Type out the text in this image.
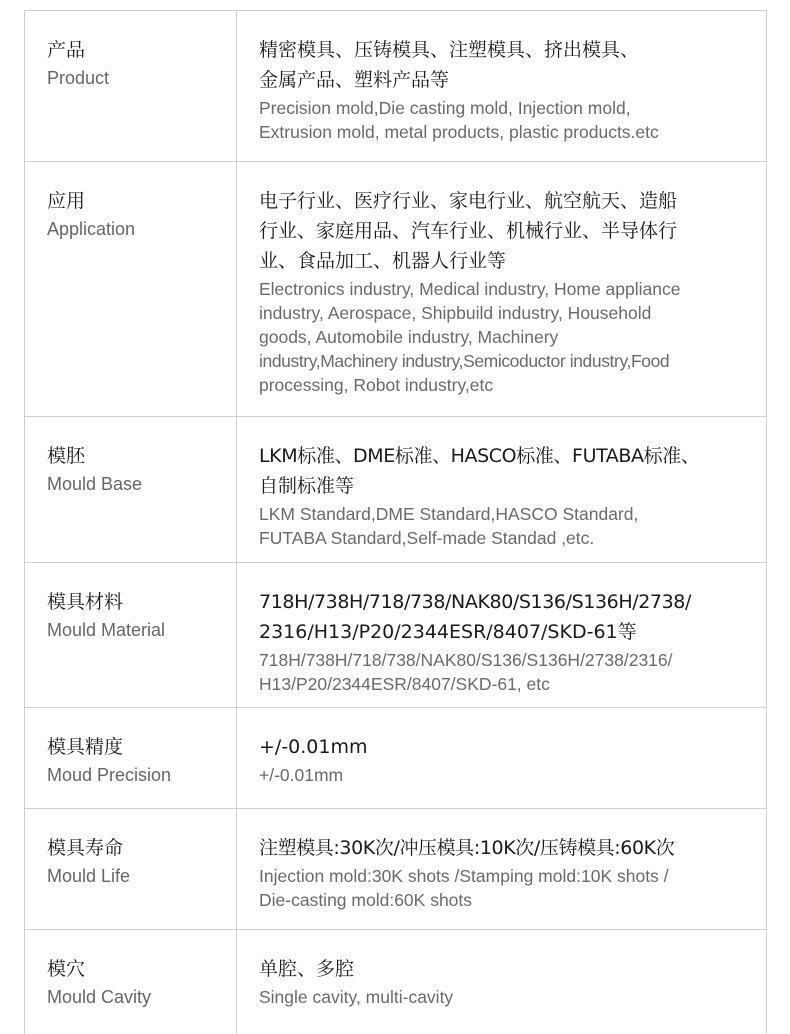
产品
Product
精密模具、压铸模具、注塑模具、挤出模具、
金属产品、塑料产品等
Precision mold,Die casting mold, Injection mold,
Extrusion mold, metal products, plastic products.etc
应用
Application
电子行业、医疗行业、家电行业、航空航天、造船
行业、家庭用品、汽车行业、机械行业、半导体行
业、食品加工、机器人行业等
Electronics industry, Medical industry, Home appliance
industry, Aerospace, Shipbuild industry, Household
goods, Automobile industry, Machinery
industry,Machinery industry,Semicoductor industry,Food
processing, Robot industry,etc
模胚
Mould Base
LKM标准、DME标准、HASCO标准、FUTABA标准、
自制标准等
LKM Standard,DME Standard,HASCO Standard,
FUTABA Standard,Self-made Standad ,etc.
模具材料
Mould Material
718H/738H/718/738/NAK80/S136/S136H/2738/
2316/H13/P20/2344ESR/8407/SKD-61等
718H/738H/718/738/NAK80/S136/S136H/2738/2316/
H13/P20/2344ESR/8407/SKD-61, etc
模具精度
Moud Precision
+/-0.01mm
+/-0.01mm
模具寿命
Mould Life
注塑模具:30K次/冲压模具:10K次/压铸模具:60K次
Injection mold:30K shots /Stamping mold:10K shots /
Die-casting mold:60K shots
模穴
Mould Cavity
单腔、多腔
Single cavity, multi-cavity
